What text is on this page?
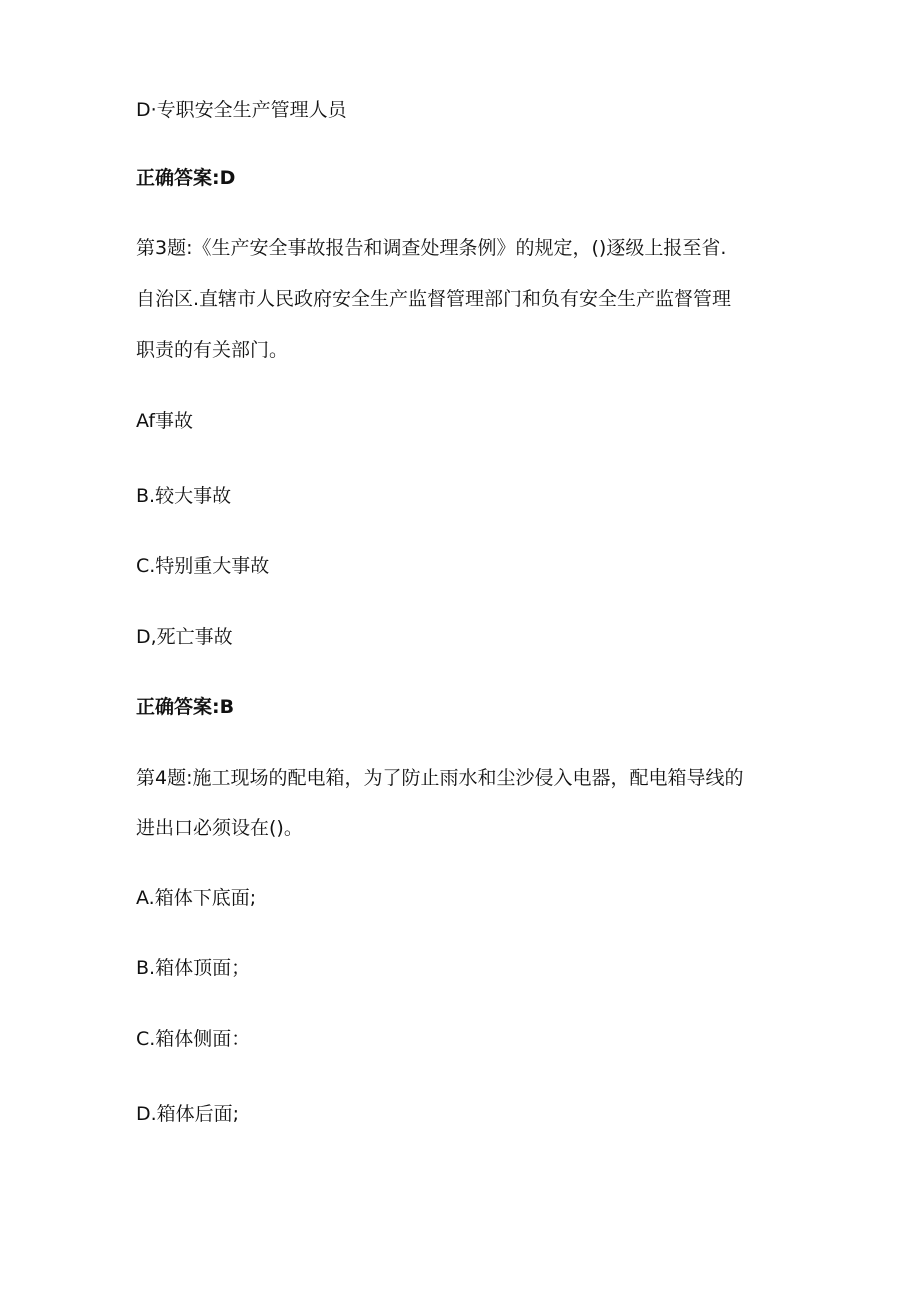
D·专职安全生产管理人员
正确答案:D
第3题:《生产安全事故报告和调查处理条例》的规定，()逐级上报至省.
自治区.直辖市人民政府安全生产监督管理部门和负有安全生产监督管理
职责的有关部门。
Af事故
B.较大事故
C.特别重大事故
D,死亡事故
正确答案:B
第4题:施工现场的配电箱，为了防止雨水和尘沙侵入电器，配电箱导线的
进出口必须设在()。
A.箱体下底面;
B.箱体顶面；
C.箱体侧面：
D.箱体后面;
